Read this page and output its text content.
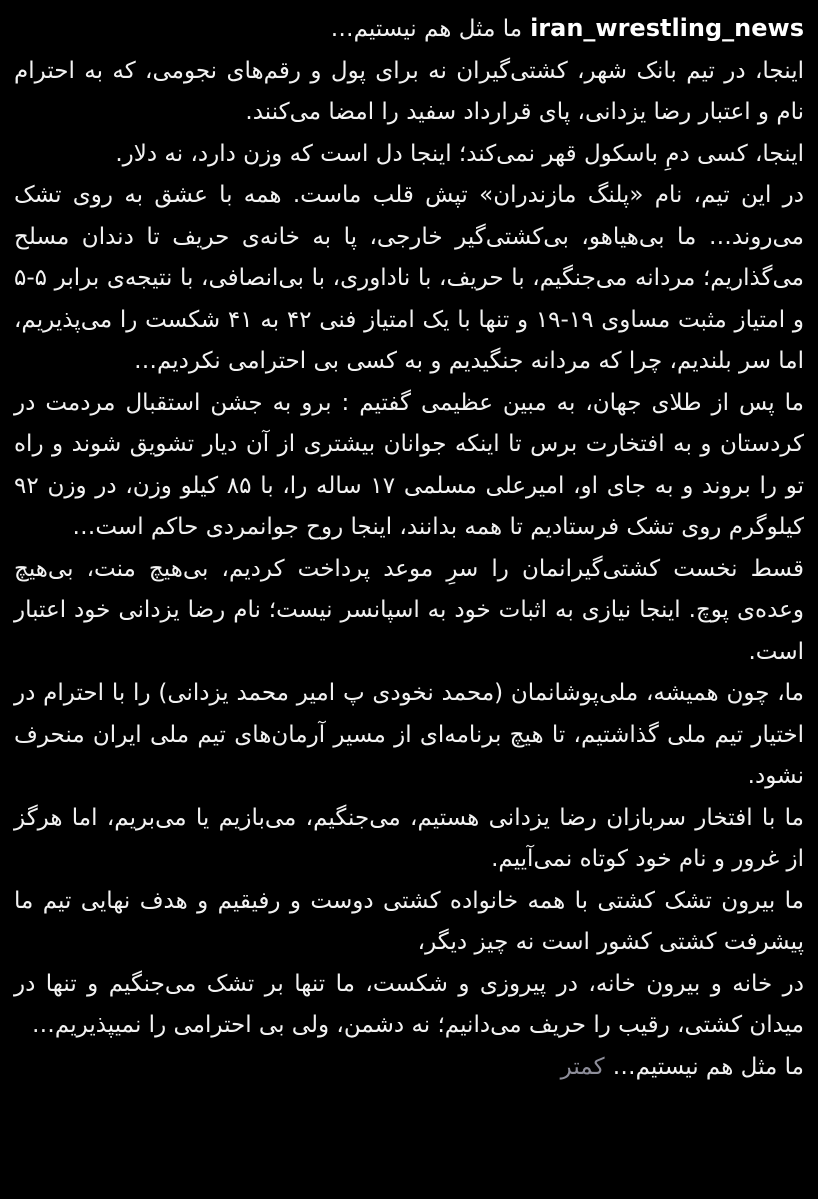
iran_wrestling_newsما مثل هم نیستیم…
اینجا، در تیم بانک شهر، کشتی‌گیران نه برای پول و رقم‌های نجومی، که به احترام نام و اعتبار رضا یزدانی، پای قرارداد سفید را امضا می‌کنند.
اینجا، کسی دمِ باسکول قهر نمی‌کند؛ اینجا دل است که وزن دارد، نه دلار.
در این تیم، نام «پلنگ مازندران» تپش قلب ماست. همه با عشق به روی تشک می‌روند… ما بی‌هیاهو، بی‌کشتی‌گیر خارجی، پا به خانه‌ی حریف تا دندان مسلح می‌گذاریم؛ مردانه می‌جنگیم، با حریف، با ناداوری، با بی‌انصافی، با نتیجه‌ی برابر ۵-۵ و امتیاز مثبت مساوی ۱۹-۱۹ و تنها با یک امتیاز فنی ۴۲ به ۴۱ شکست را می‌پذیریم، اما سر بلندیم، چرا که مردانه جنگیدیم و به کسی بی احترامی نکردیم…
ما پس از طلای جهان، به مبین عظیمی گفتیم : برو به جشن استقبال مردمت در کردستان و به افتخارت برس تا اینکه جوانان بیشتری از آن دیار تشویق شوند و راه تو را بروند و به جای او، امیرعلی مسلمی ۱۷ ساله را، با ۸۵ کیلو وزن، در وزن ۹۲ کیلوگرم روی تشک فرستادیم تا همه بدانند، اینجا روح جوانمردی حاکم است…
قسط نخست کشتی‌گیرانمان را سرِ موعد پرداخت کردیم، بی‌هیچ منت، بی‌هیچ وعده‌ی پوچ. اینجا نیازی به اثبات خود به اسپانسر نیست؛ نام رضا یزدانی خود اعتبار است.
ما، چون همیشه، ملی‌پوشانمان (محمد نخودی پ امیر محمد یزدانی) را با احترام در اختیار تیم ملی گذاشتیم، تا هیچ برنامه‌ای از مسیر آرمان‌های تیم ملی ایران منحرف نشود.
ما با افتخار سربازان رضا یزدانی هستیم، می‌جنگیم، می‌بازیم یا می‌بریم، اما هرگز از غرور و نام خود کوتاه نمی‌آییم.
ما بیرون تشک کشتی با همه خانواده کشتی دوست و رفیقیم و هدف نهایی تیم ما پیشرفت کشتی کشور است نه چیز دیگر،
در خانه و بیرون خانه، در پیروزی و شکست، ما تنها بر تشک می‌جنگیم و تنها در میدان کشتی، رقیب را حریف می‌دانیم؛ نه دشمن، ولی بی احترامی را نمیپذیریم…
ما مثل هم نیستیم…کمتر
